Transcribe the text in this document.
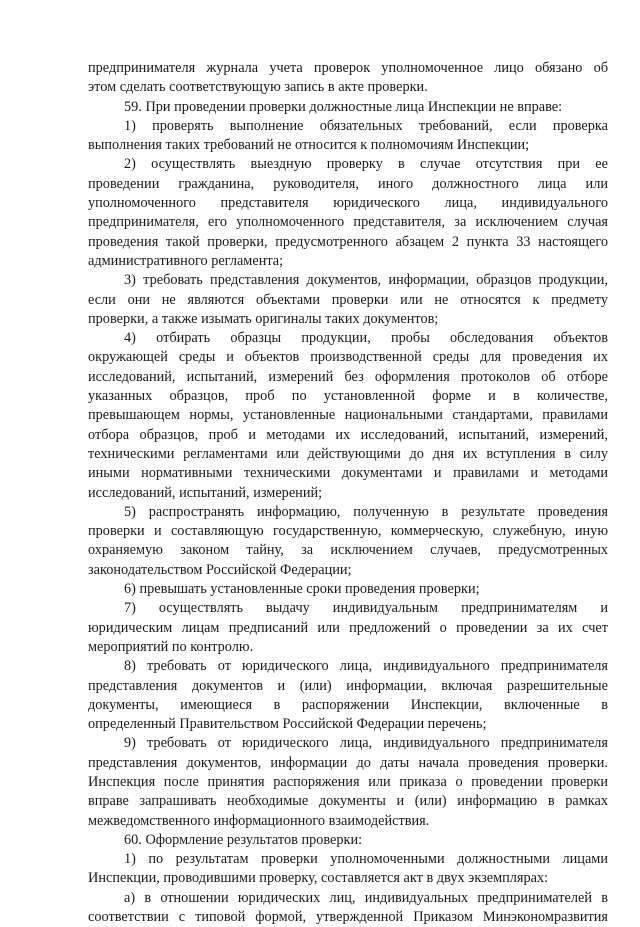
предпринимателя журнала учета проверок уполномоченное лицо обязано об
этом сделать соответствующую запись в акте проверки.
59. При проведении проверки должностные лица Инспекции не вправе:
1) проверять выполнение обязательных требований, если проверка
выполнения таких требований не относится к полномочиям Инспекции;
2) осуществлять выездную проверку в случае отсутствия при ее
проведении гражданина, руководителя, иного должностного лица или
уполномоченного представителя юридического лица, индивидуального
предпринимателя, его уполномоченного представителя, за исключением случая
проведения такой проверки, предусмотренного абзацем 2 пункта 33 настоящего
административного регламента;
3) требовать представления документов, информации, образцов продукции,
если они не являются объектами проверки или не относятся к предмету
проверки, а также изымать оригиналы таких документов;
4) отбирать образцы продукции, пробы обследования объектов
окружающей среды и объектов производственной среды для проведения их
исследований, испытаний, измерений без оформления протоколов об отборе
указанных образцов, проб по установленной форме и в количестве,
превышающем нормы, установленные национальными стандартами, правилами
отбора образцов, проб и методами их исследований, испытаний, измерений,
техническими регламентами или действующими до дня их вступления в силу
иными нормативными техническими документами и правилами и методами
исследований, испытаний, измерений;
5) распространять информацию, полученную в результате проведения
проверки и составляющую государственную, коммерческую, служебную, иную
охраняемую законом тайну, за исключением случаев, предусмотренных
законодательством Российской Федерации;
6) превышать установленные сроки проведения проверки;
7) осуществлять выдачу индивидуальным предпринимателям и
юридическим лицам предписаний или предложений о проведении за их счет
мероприятий по контролю.
8) требовать от юридического лица, индивидуального предпринимателя
представления документов и (или) информации, включая разрешительные
документы, имеющиеся в распоряжении Инспекции, включенные в
определенный Правительством Российской Федерации перечень;
9) требовать от юридического лица, индивидуального предпринимателя
представления документов, информации до даты начала проведения проверки.
Инспекция после принятия распоряжения или приказа о проведении проверки
вправе запрашивать необходимые документы и (или) информацию в рамках
межведомственного информационного взаимодействия.
60. Оформление результатов проверки:
1) по результатам проверки уполномоченными должностными лицами
Инспекции, проводившими проверку, составляется акт в двух экземплярах:
а) в отношении юридических лиц, индивидуальных предпринимателей в
соответствии с типовой формой, утвержденной Приказом Минэкономразвития
